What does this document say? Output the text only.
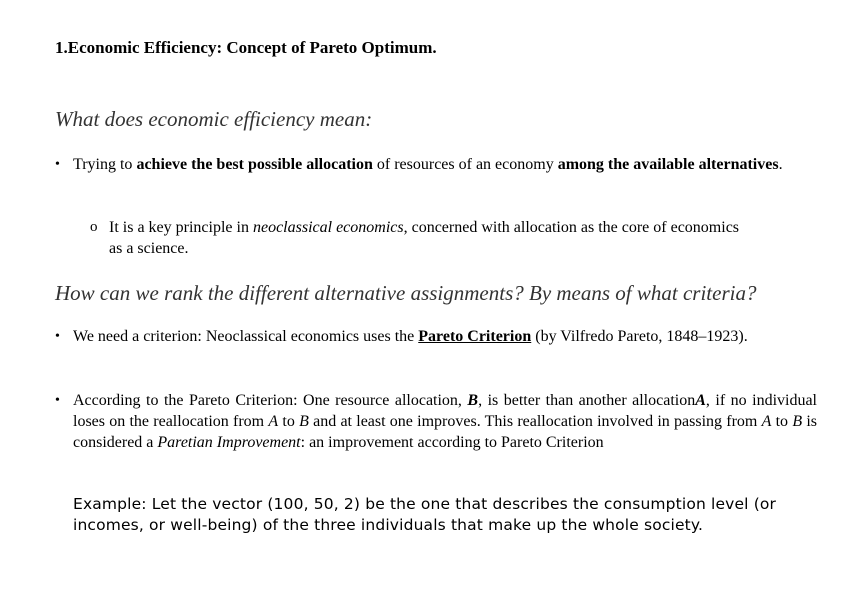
1.Economic Efficiency: Concept of Pareto Optimum.
What does economic efficiency mean:
• Trying to achieve the best possible allocation of resources of an economy among the available alternatives.
o It is a key principle in neoclassical economics, concerned with allocation as the core of economics as a science.
How can we rank the different alternative assignments? By means of what criteria?
• We need a criterion: Neoclassical economics uses the Pareto Criterion (by Vilfredo Pareto, 1848–1923).
• According to the Pareto Criterion: One resource allocation, B, is better than another allocationA, if no individual loses on the reallocation from A to B and at least one improves. This reallocation involved in passing from A to B is considered a Paretian Improvement: an improvement according to Pareto Criterion
Example: Let the vector (100, 50, 2) be the one that describes the consumption level (or incomes, or well-being) of the three individuals that make up the whole society.
